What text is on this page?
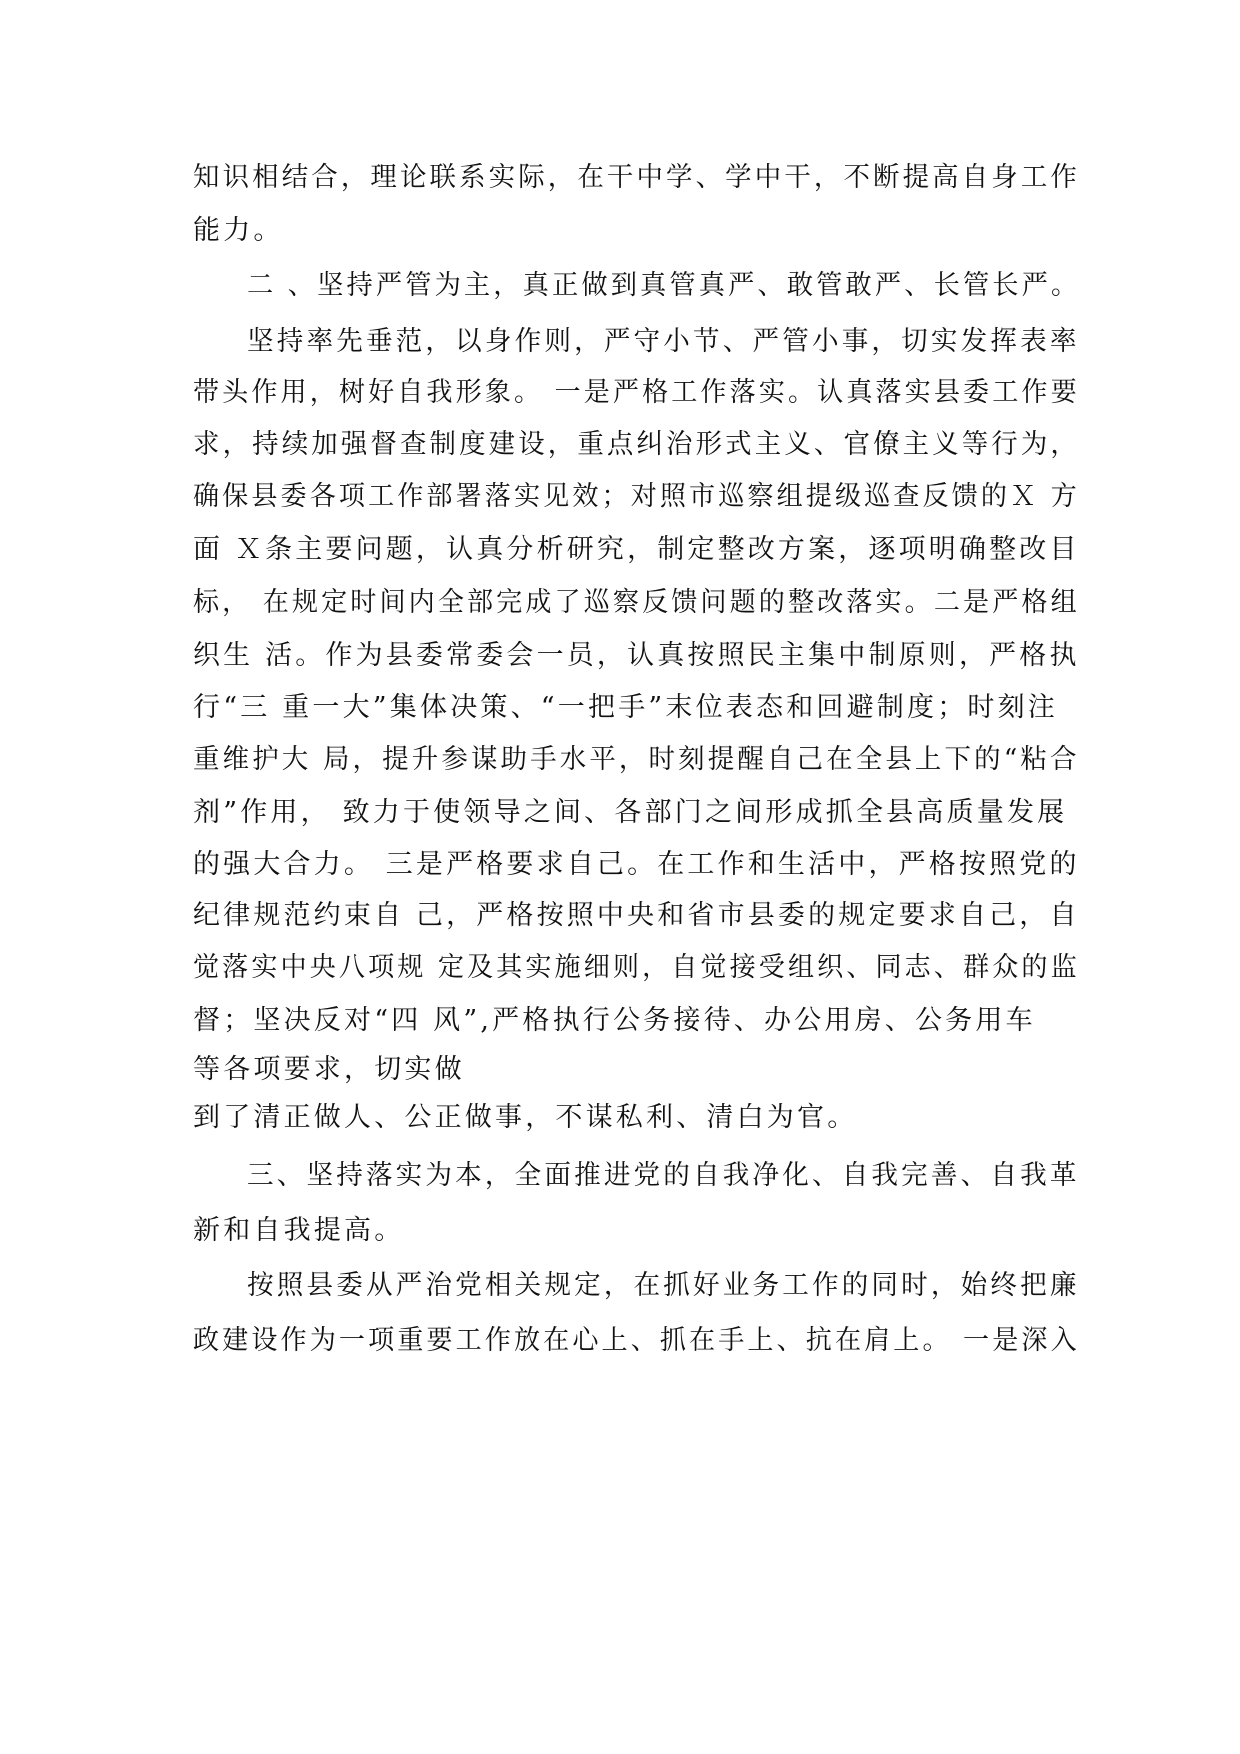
知识相结合，理论联系实际，在干中学、学中干，不断提高自身工作

能力。

二 、坚持严管为主，真正做到真管真严、敢管敢严、长管长严。

坚持率先垂范，以身作则，严守小节、严管小事，切实发挥表率

带头作用，树好自我形象。 一是严格工作落实。认真落实县委工作要

求，持续加强督查制度建设，重点纠治形式主义、官僚主义等行为，

确保县委各项工作部署落实见效；对照市巡察组提级巡查反馈的Ｘ 方

面 Ｘ条主要问题，认真分析研究，制定整改方案，逐项明确整改目

标， 在规定时间内全部完成了巡察反馈问题的整改落实。二是严格组

织生 活。作为县委常委会一员，认真按照民主集中制原则，严格执

行“三 重一大”集体决策、“一把手”末位表态和回避制度；时刻注

重维护大 局，提升参谋助手水平，时刻提醒自己在全县上下的“粘合

剂”作用， 致力于使领导之间、各部门之间形成抓全县高质量发展

的强大合力。 三是严格要求自己。在工作和生活中，严格按照党的

纪律规范约束自 己，严格按照中央和省市县委的规定要求自己，自

觉落实中央八项规 定及其实施细则，自觉接受组织、同志、群众的监

督；坚决反对“四 风”,严格执行公务接待、办公用房、公务用车

等各项要求，切实做

到了清正做人、公正做事，不谋私利、清白为官。

三、坚持落实为本，全面推进党的自我净化、自我完善、自我革

新和自我提高。

按照县委从严治党相关规定，在抓好业务工作的同时，始终把廉

政建设作为一项重要工作放在心上、抓在手上、抗在肩上。 一是深入
